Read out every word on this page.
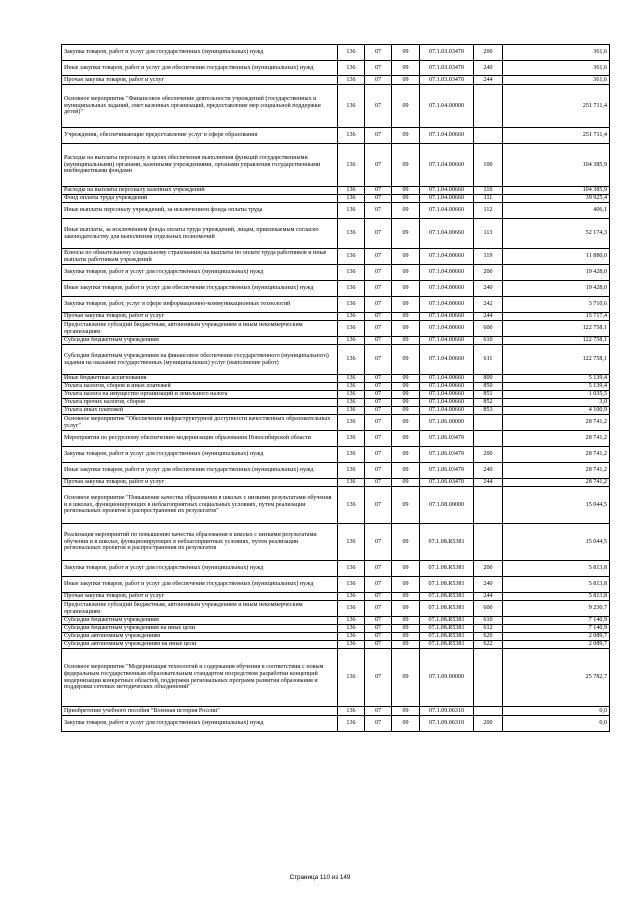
Закупка товаров, работ и услуг для государственных (муниципальных) нужд	136	07	09	07.1.03.03470	200	361,6
Иные закупки товаров, работ и услуг для обеспечения государственных (муниципальных) нужд	136	07	09	07.1.03.03470	240	361,6
Прочая закупка товаров, работ и услуг	136	07	09	07.1.03.03470	244	361,6
Основное мероприятие "Финансовое обеспечение деятельности учреждений (государственных и муниципальных заданий, смет казенных организаций, предоставление мер социальной поддержки детей)"	136	07	09	07.1.04.00000		251 711,4
Учреждения, обеспечивающие предоставление услуг в сфере образования	136	07	09	07.1.04.00660		251 711,4
Расходы на выплаты персоналу в целях обеспечения выполнения функций государственными (муниципальными) органами, казенными учреждениями, органами управления государственными внебюджетными фондами	136	07	09	07.1.04.00660	100	104 385,9
Расходы на выплаты персоналу казенных учреждений	136	07	09	07.1.04.00660	110	104 385,9
Фонд оплаты труда учреждений	136	07	09	07.1.04.00660	111	39 925,4
Иные выплаты персоналу учреждений, за исключением фонда оплаты труда	136	07	09	07.1.04.00660	112	406,1
Иные выплаты, за исключением фонда оплаты труда учреждений, лицам, привлекаемым согласно законодательству для выполнения отдельных полномочий	136	07	09	07.1.04.00660	113	52 174,3
Взносы по обязательному социальному страхованию на выплаты по оплате труда работников и иные выплаты работникам учреждений	136	07	09	07.1.04.00660	119	11 880,0
Закупка товаров, работ и услуг для государственных (муниципальных) нужд	136	07	09	07.1.04.00660	200	19 428,0
Иные закупки товаров, работ и услуг для обеспечения государственных (муниципальных) нужд	136	07	09	07.1.04.00660	240	19 428,0
Закупка товаров, работ, услуг в сфере информационно-коммуникационных технологий	136	07	09	07.1.04.00660	242	3 710,6
Прочая закупка товаров, работ и услуг	136	07	09	07.1.04.00660	244	15 717,4
Предоставление субсидий бюджетным, автономным учреждениям и иным некоммерческим организациям	136	07	09	07.1.04.00660	600	122 758,1
Субсидии бюджетным учреждениям	136	07	09	07.1.04.00660	610	122 758,1
Субсидии бюджетным учреждениям на финансовое обеспечение государственного (муниципального) задания на оказание государственных (муниципальных) услуг (выполнение работ)	136	07	09	07.1.04.00660	611	122 758,1
Иные бюджетные ассигнования	136	07	09	07.1.04.00660	800	5 139,4
Уплата налогов, сборов и иных платежей	136	07	09	07.1.04.00660	850	5 139,4
Уплата налога на имущество организаций и земельного налога	136	07	09	07.1.04.00660	851	1 035,5
Уплата прочих налогов, сборов	136	07	09	07.1.04.00660	852	3,0
Уплата иных платежей	136	07	09	07.1.04.00660	853	4 100,9
Основное мероприятие "Обеспечение инфраструктурной доступности качественных образовательных услуг"	136	07	09	07.1.06.00000		28 741,2
Мероприятия по ресурсному обеспечению модернизации образования Новосибирской области	136	07	09	07.1.06.03470		28 741,2
Закупка товаров, работ и услуг для государственных (муниципальных) нужд	136	07	09	07.1.06.03470	200	28 741,2
Иные закупки товаров, работ и услуг для обеспечения государственных (муниципальных) нужд	136	07	09	07.1.06.03470	240	28 741,2
Прочая закупка товаров, работ и услуг	136	07	09	07.1.06.03470	244	28 741,2
Основное мероприятие "Повышение качества образования в школах с низкими результатами обучения и в школах, функционирующих в неблагоприятных социальных условиях, путем реализации региональных проектов и распространение их результатов"	136	07	09	07.1.08.00000		15 044,5
Реализация мероприятий по повышению качества образования в школах с низкими результатами обучения и в школах, функционирующих в неблагоприятных условиях, путем реализации региональных проектов и распространения их результатов	136	07	09	07.1.08.R5381		15 044,5
Закупка товаров, работ и услуг для государственных (муниципальных) нужд	136	07	09	07.1.08.R5381	200	5 813,8
Иные закупки товаров, работ и услуг для обеспечения государственных (муниципальных) нужд	136	07	09	07.1.08.R5381	240	5 813,8
Прочая закупка товаров, работ и услуг	136	07	09	07.1.08.R5381	244	5 813,8
Предоставление субсидий бюджетным, автономным учреждениям и иным некоммерческим организациям	136	07	09	07.1.08.R5381	600	9 230,7
Субсидии бюджетным учреждениям	136	07	09	07.1.08.R5381	610	7 140,9
Субсидии бюджетным учреждениям на иные цели	136	07	09	07.1.08.R5381	612	7 140,9
Субсидии автономным учреждениям	136	07	09	07.1.08.R5381	620	2 089,7
Субсидии автономным учреждениям на иные цели	136	07	09	07.1.08.R5381	622	2 089,7
Основное мероприятие "Модернизация технологий и содержания обучения в соответствии с новым федеральным государственным образовательным стандартом посредством разработки концепций модернизации конкретных областей, поддержки региональных программ развития образования и поддержки сетевых методических объединений"	136	07	09	07.1.09.00000		25 782,7
Приобретение учебного пособия "Военная история России"	136	07	09	07.1.09.06310		0,0
Закупка товаров, работ и услуг для государственных (муниципальных) нужд	136	07	09	07.1.09.06310	200	0,0
Страница 110 из 149
